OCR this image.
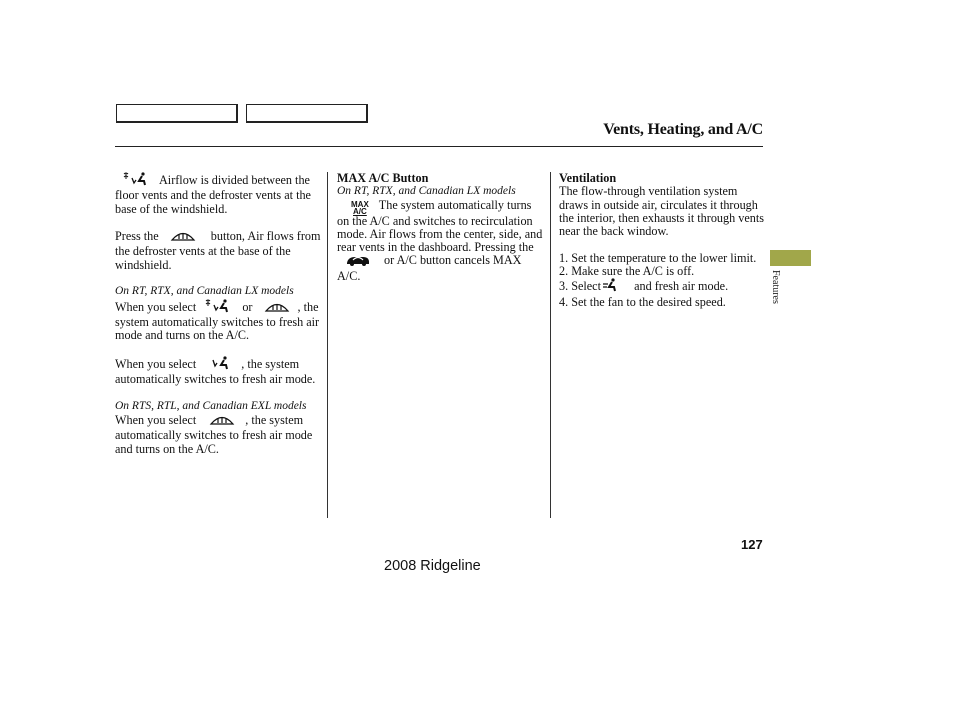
Vents, Heating, and A/C

Airflow is divided between the floor vents and the defroster vents at the base of the windshield.

Press the	button, Air flows from the defroster vents at the base of the windshield.

On RT, RTX, and Canadian LX models

When you select	or	, the system automatically switches to fresh air mode and turns on the A/C.

When you select	, the system automatically switches to fresh air mode.

On RTS, RTL, and Canadian EXL models

When you select	, the system automatically switches to fresh air mode and turns on the A/C.

MAX A/C Button

On RT, RTX, and Canadian LX models

MAX
A/C The system automatically turns on the A/C and switches to recirculation mode. Air flows from the center, side, and rear vents in the dashboard. Pressing the  or A/C button cancels MAX A/C.

Ventilation

The flow-through ventilation system draws in outside air, circulates it through the interior, then exhausts it through vents near the back window.

1. Set the temperature to the lower limit.
2. Make sure the A/C is off.
3. Select	and fresh air mode.
4. Set the fan to the desired speed.	Features
127
2008 Ridgeline
